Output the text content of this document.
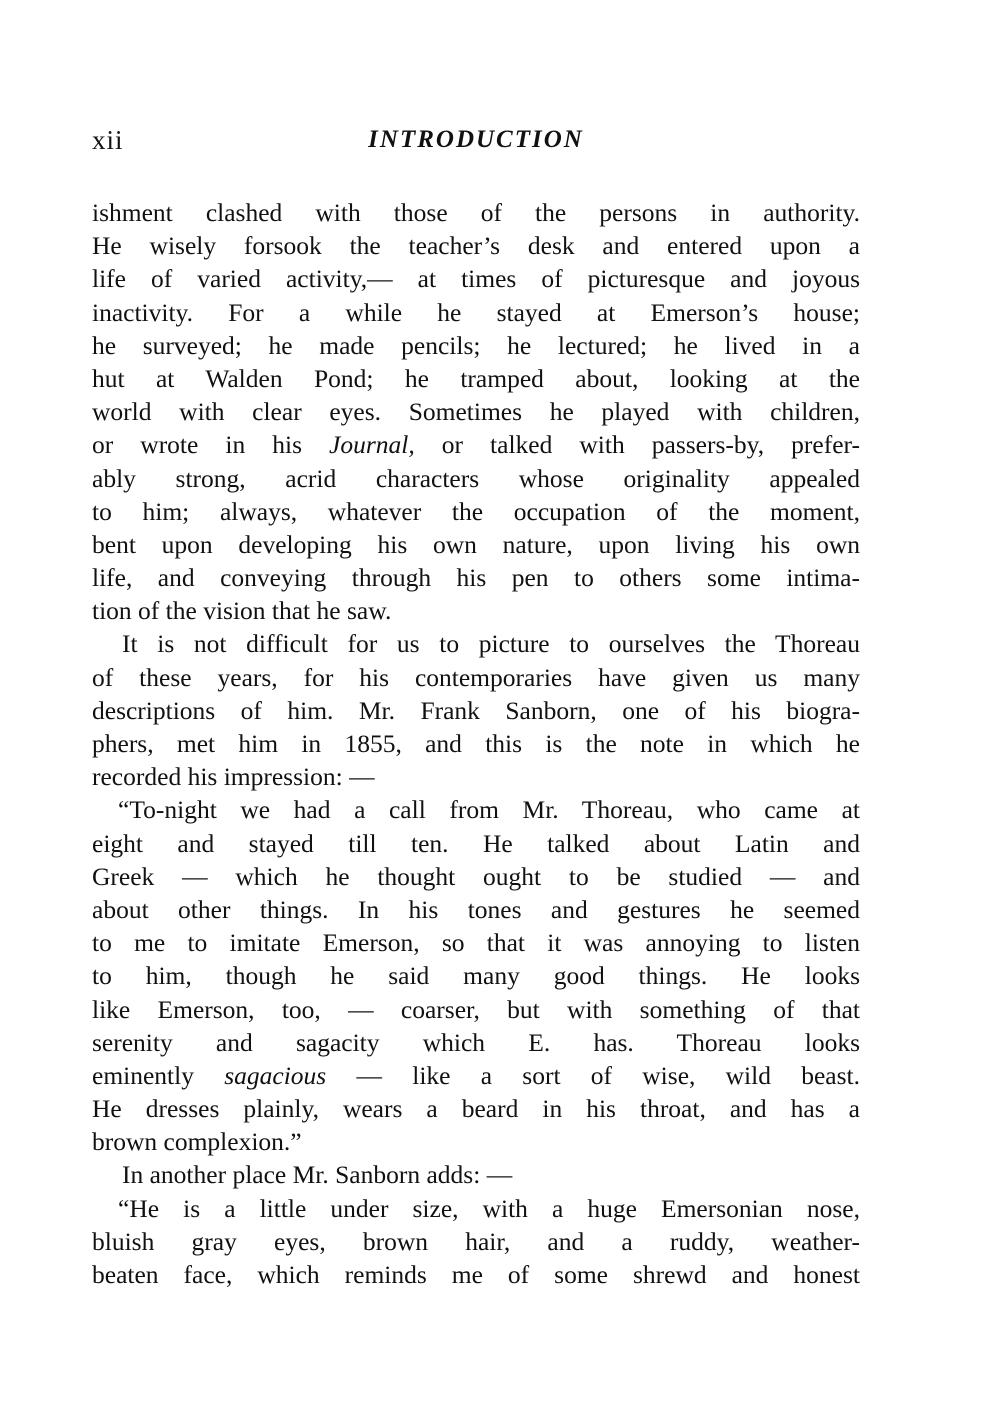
xii	INTRODUCTION
ishment clashed with those of the persons in authority.
He wisely forsook the teacher’s desk and entered upon a
life of varied activity,— at times of picturesque and joyous
inactivity. For a while he stayed at Emerson’s house;
he surveyed; he made pencils; he lectured; he lived in a
hut at Walden Pond; he tramped about, looking at the
world with clear eyes. Sometimes he played with children,
or wrote in his Journal, or talked with passers-by, prefer-
ably strong, acrid characters whose originality appealed
to him; always, whatever the occupation of the moment,
bent upon developing his own nature, upon living his own
life, and conveying through his pen to others some intima-
tion of the vision that he saw.
It is not difficult for us to picture to ourselves the Thoreau
of these years, for his contemporaries have given us many
descriptions of him. Mr. Frank Sanborn, one of his biogra-
phers, met him in 1855, and this is the note in which he
recorded his impression: —
“To-night we had a call from Mr. Thoreau, who came at
eight and stayed till ten. He talked about Latin and
Greek — which he thought ought to be studied — and
about other things. In his tones and gestures he seemed
to me to imitate Emerson, so that it was annoying to listen
to him, though he said many good things. He looks
like Emerson, too, — coarser, but with something of that
serenity and sagacity which E. has. Thoreau looks
eminently sagacious — like a sort of wise, wild beast.
He dresses plainly, wears a beard in his throat, and has a
brown complexion.”
In another place Mr. Sanborn adds: —
“He is a little under size, with a huge Emersonian nose,
bluish gray eyes, brown hair, and a ruddy, weather-
beaten face, which reminds me of some shrewd and honest
